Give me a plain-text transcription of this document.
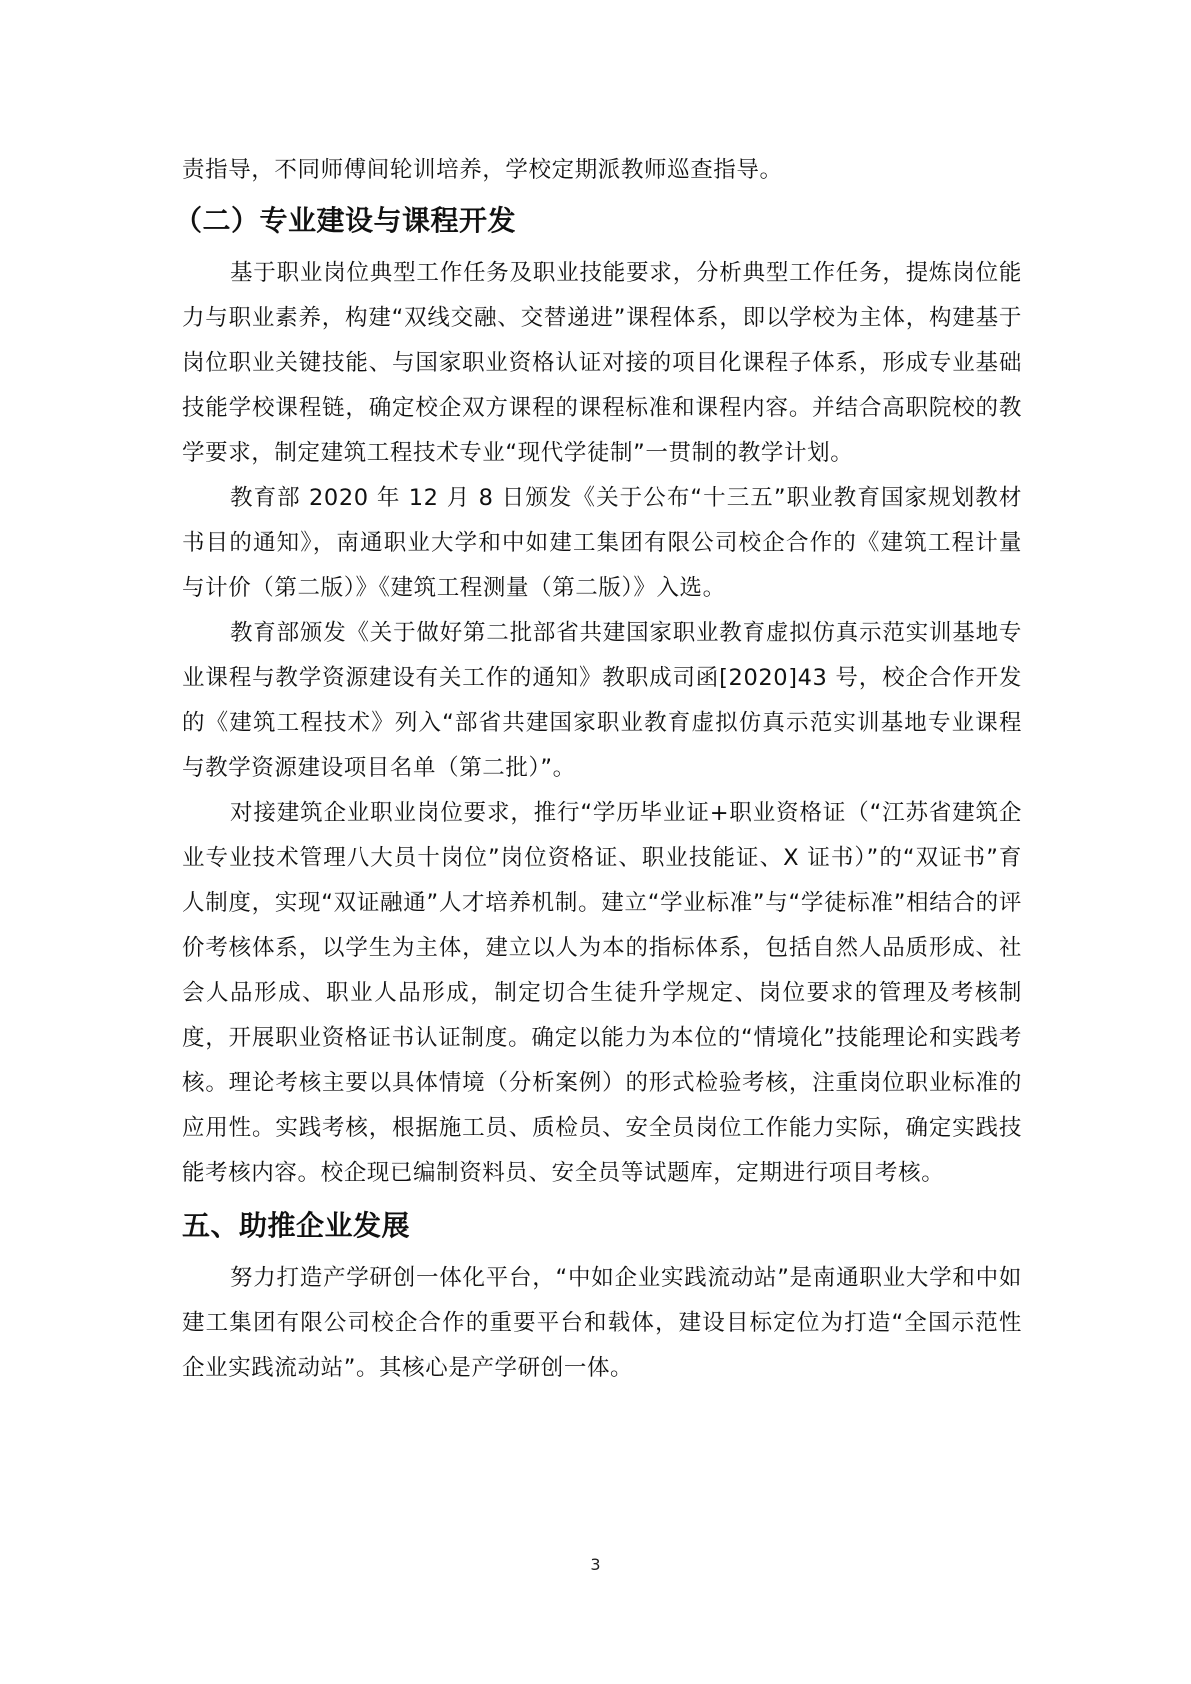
责指导，不同师傅间轮训培养，学校定期派教师巡查指导。

（二）专业建设与课程开发

基于职业岗位典型工作任务及职业技能要求，分析典型工作任务，提炼岗位能力与职业素养，构建“双线交融、交替递进”课程体系，即以学校为主体，构建基于岗位职业关键技能、与国家职业资格认证对接的项目化课程子体系，形成专业基础技能学校课程链，确定校企双方课程的课程标准和课程内容。并结合高职院校的教学要求，制定建筑工程技术专业“现代学徒制”一贯制的教学计划。

教育部 2020 年 12 月 8 日颁发《关于公布“十三五”职业教育国家规划教材书目的通知》，南通职业大学和中如建工集团有限公司校企合作的《建筑工程计量与计价（第二版）》《建筑工程测量（第二版）》入选。

教育部颁发《关于做好第二批部省共建国家职业教育虚拟仿真示范实训基地专业课程与教学资源建设有关工作的通知》教职成司函[2020]43 号，校企合作开发的《建筑工程技术》列入“部省共建国家职业教育虚拟仿真示范实训基地专业课程与教学资源建设项目名单（第二批）”。

对接建筑企业职业岗位要求，推行“学历毕业证+职业资格证（“江苏省建筑企业专业技术管理八大员十岗位”岗位资格证、职业技能证、X 证书）”的“双证书”育人制度，实现“双证融通”人才培养机制。建立“学业标准”与“学徒标准”相结合的评价考核体系，以学生为主体，建立以人为本的指标体系，包括自然人品质形成、社会人品形成、职业人品形成，制定切合生徒升学规定、岗位要求的管理及考核制度，开展职业资格证书认证制度。确定以能力为本位的“情境化”技能理论和实践考核。理论考核主要以具体情境（分析案例）的形式检验考核，注重岗位职业标准的应用性。实践考核，根据施工员、质检员、安全员岗位工作能力实际，确定实践技能考核内容。校企现已编制资料员、安全员等试题库，定期进行项目考核。

五、助推企业发展

努力打造产学研创一体化平台，“中如企业实践流动站”是南通职业大学和中如建工集团有限公司校企合作的重要平台和载体，建设目标定位为打造“全国示范性企业实践流动站”。其核心是产学研创一体。

3
